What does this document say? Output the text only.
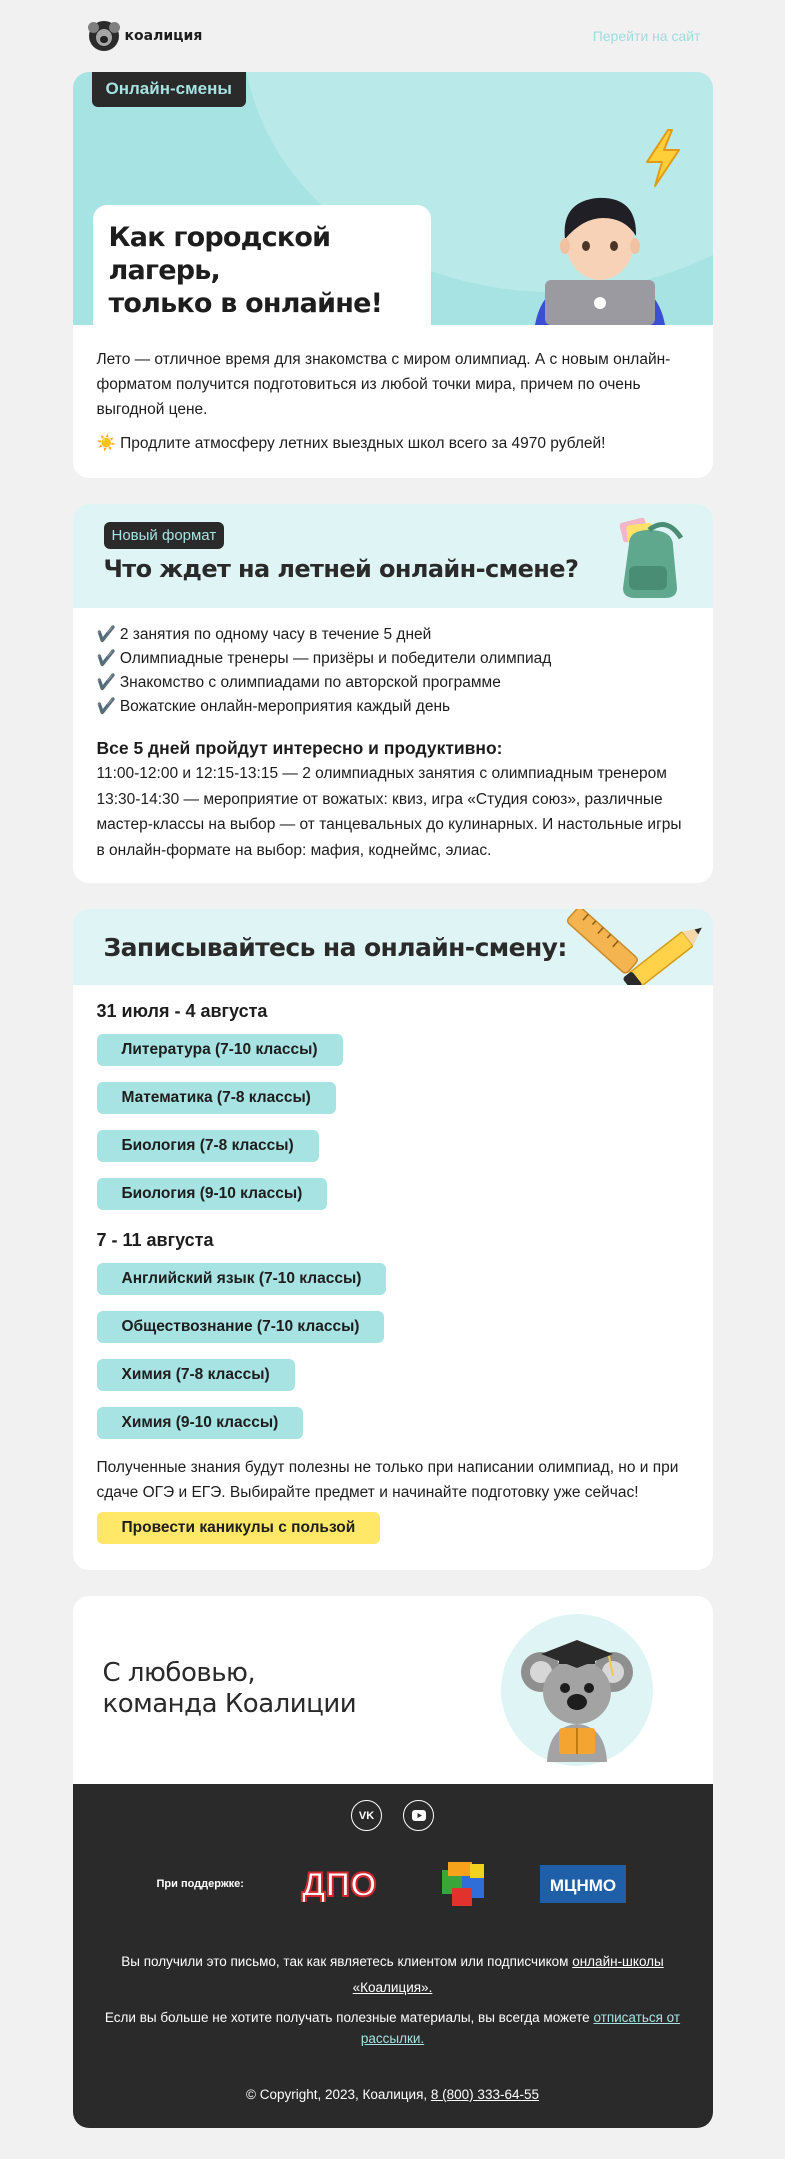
коалиция	Перейти на сайт
Онлайн-смены
Как городской лагерь,
только в онлайне!

Лето — отличное время для знакомства с миром олимпиад. А с новым онлайн-форматом получится подготовиться из любой точки мира, причем по очень выгодной цене.

☀️ Продлите атмосферу летних выездных школ всего за 4970 рублей!

Новый формат
Что ждет на летней онлайн-смене?
✔️ 2 занятия по одному часу в течение 5 дней
✔️ Олимпиадные тренеры — призёры и победители олимпиад
✔️ Знакомство с олимпиадами по авторской программе
✔️ Вожатские онлайн-мероприятия каждый день
Все 5 дней пройдут интересно и продуктивно:

11:00-12:00 и 12:15-13:15 — 2 олимпиадных занятия с олимпиадным тренером

13:30-14:30 — мероприятие от вожатых: квиз, игра «Студия союз», различные мастер-классы на выбор — от танцевальных до кулинарных. И настольные игры в онлайн-формате на выбор: мафия, коднеймс, элиас.

Записывайтесь на онлайн-смену:
31 июля - 4 августа
Литература (7-10 классы)
Математика (7-8 классы)
Биология (7-8 классы)
Биология (9-10 классы)
7 - 11 августа
Английский язык (7-10 классы)
Обществознание (7-10 классы)
Химия (7-8 классы)
Химия (9-10 классы)

Полученные знания будут полезны не только при написании олимпиад, но и при сдаче ОГЭ и ЕГЭ. Выбирайте предмет и начинайте подготовку уже сейчас!

Провести каникулы с пользой
С любовью,
команда Коалиции
VK
При поддержке: ДПО	МЦНМО

Вы получили это письмо, так как являетесь клиентом или подписчиком онлайн-школы «Коалиция».

Если вы больше не хотите получать полезные материалы, вы всегда можете отписаться от рассылки.

© Copyright, 2023, Коалиция, 8 (800) 333-64-55
